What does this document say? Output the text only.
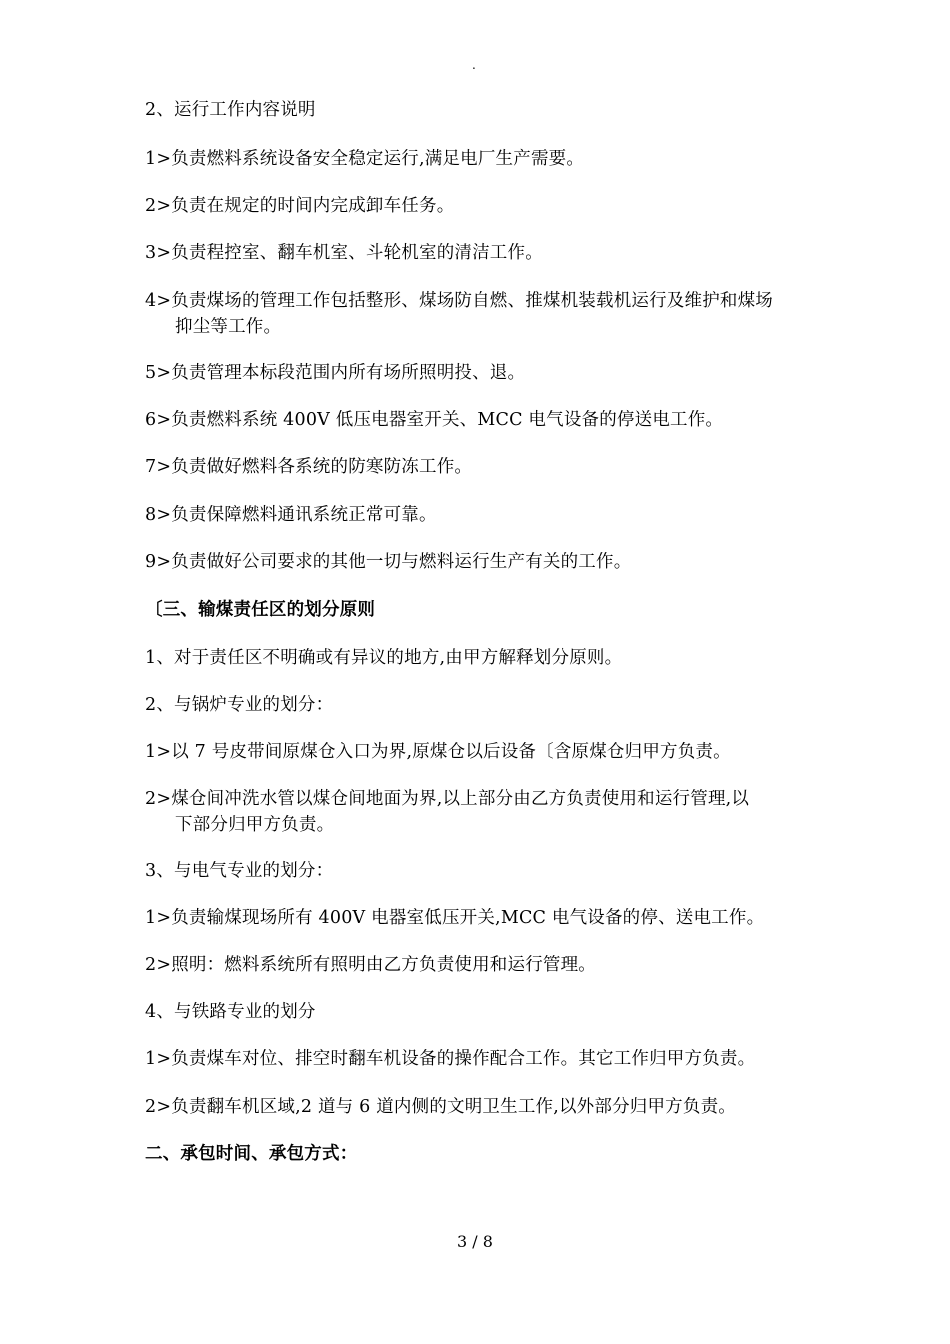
.
2、运行工作内容说明
1>负责燃料系统设备安全稳定运行,满足电厂生产需要。
2>负责在规定的时间内完成卸车任务。
3>负责程控室、翻车机室、斗轮机室的清洁工作。
4>负责煤场的管理工作包括整形、煤场防自燃、推煤机装载机运行及维护和煤场
抑尘等工作。
5>负责管理本标段范围内所有场所照明投、退。
6>负责燃料系统 400V 低压电器室开关、MCC 电气设备的停送电工作。
7>负责做好燃料各系统的防寒防冻工作。
8>负责保障燃料通讯系统正常可靠。
9>负责做好公司要求的其他一切与燃料运行生产有关的工作。
〔三、输煤责任区的划分原则
1、对于责任区不明确或有异议的地方,由甲方解释划分原则。
2、与锅炉专业的划分：
1>以 7 号皮带间原煤仓入口为界,原煤仓以后设备〔含原煤仓归甲方负责。
2>煤仓间冲洗水管以煤仓间地面为界,以上部分由乙方负责使用和运行管理,以
下部分归甲方负责。
3、与电气专业的划分：
1>负责输煤现场所有 400V 电器室低压开关,MCC 电气设备的停、送电工作。
2>照明：燃料系统所有照明由乙方负责使用和运行管理。
4、与铁路专业的划分
1>负责煤车对位、排空时翻车机设备的操作配合工作。其它工作归甲方负责。
2>负责翻车机区域,2 道与 6 道内侧的文明卫生工作,以外部分归甲方负责。
二、承包时间、承包方式：
3 / 8
